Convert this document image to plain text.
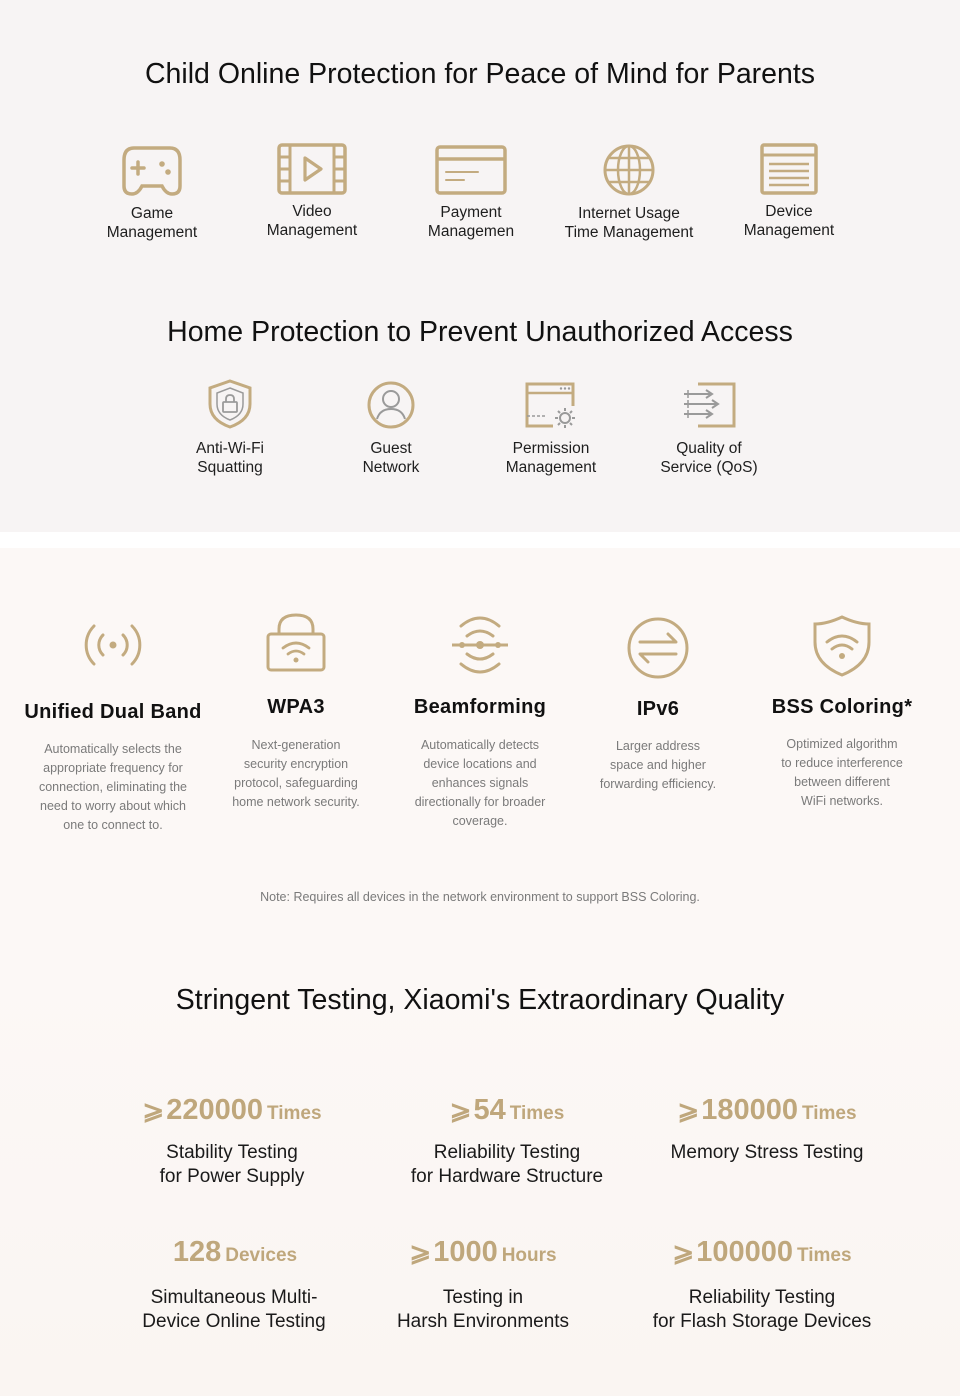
Child Online Protection for Peace of Mind for Parents
Game
Management
Video
Management
Payment
Managemen
Internet Usage
Time Management
Device
Management
Home Protection to Prevent Unauthorized Access
Anti-Wi-Fi
Squatting
Guest
Network
Permission
Management
Quality of
Service (QoS)
Unified Dual Band
Automatically selects the
appropriate frequency for
connection, eliminating the
need to worry about which
one to connect to.
WPA3
Next-generation
security encryption
protocol, safeguarding
home network security.
Beamforming
Automatically detects
device locations and
enhances signals
directionally for broader
coverage.
IPv6
Larger address
space and higher
forwarding efficiency.
BSS Coloring*
Optimized algorithm
to reduce interference
between different
WiFi networks.
Note: Requires all devices in the network environment to support BSS Coloring.
Stringent Testing, Xiaomi's Extraordinary Quality
⩾220000 Times
Stability Testing
for Power Supply
⩾54 Times
Reliability Testing
for Hardware Structure
⩾180000 Times
Memory Stress Testing
128 Devices
Simultaneous Multi-
Device Online Testing
⩾1000 Hours
Testing in
Harsh Environments
⩾100000 Times
Reliability Testing
for Flash Storage Devices
